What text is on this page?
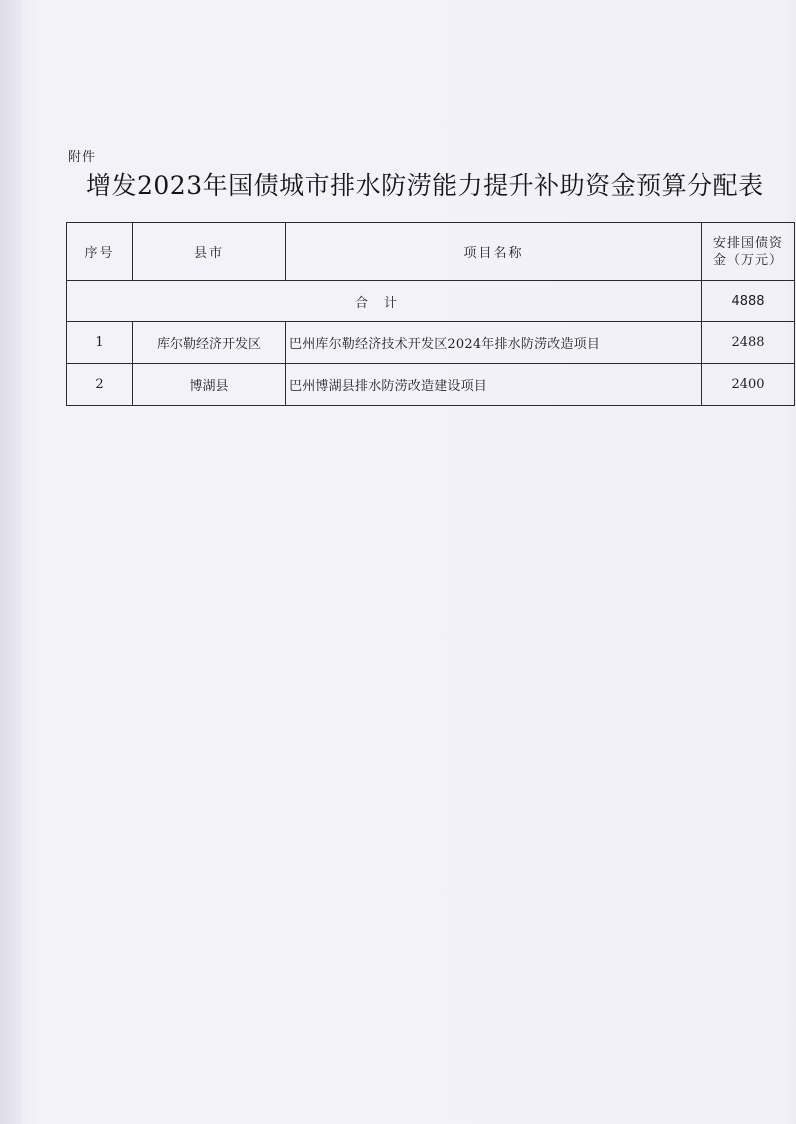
附件
增发2023年国债城市排水防涝能力提升补助资金预算分配表
序号	县市	项目名称	安排国债资金（万元）
合计			4888
1	库尔勒经济开发区	巴州库尔勒经济技术开发区2024年排水防涝改造项目	2488
2	博湖县	巴州博湖县排水防涝改造建设项目	2400
